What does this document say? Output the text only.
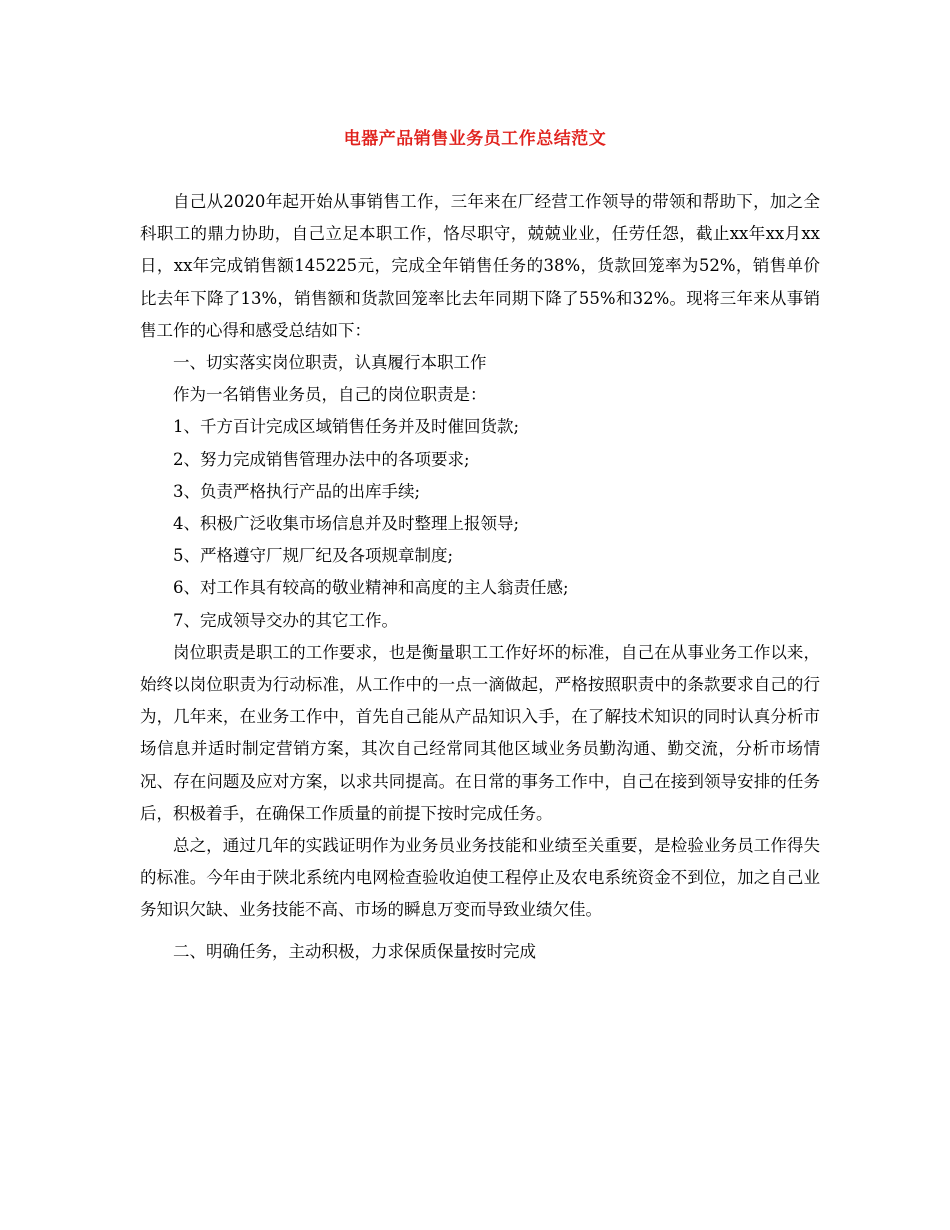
电器产品销售业务员工作总结范文

自己从2020年起开始从事销售工作，三年来在厂经营工作领导的带领和帮助下，加之全科职工的鼎力协助，自己立足本职工作，恪尽职守，兢兢业业，任劳任怨，截止xx年xx月xx日，xx年完成销售额145225元，完成全年销售任务的38%，货款回笼率为52%，销售单价比去年下降了13%，销售额和货款回笼率比去年同期下降了55%和32%。现将三年来从事销售工作的心得和感受总结如下：

一、切实落实岗位职责，认真履行本职工作

作为一名销售业务员，自己的岗位职责是：

1、千方百计完成区域销售任务并及时催回货款;

2、努力完成销售管理办法中的各项要求;

3、负责严格执行产品的出库手续;

4、积极广泛收集市场信息并及时整理上报领导;

5、严格遵守厂规厂纪及各项规章制度;

6、对工作具有较高的敬业精神和高度的主人翁责任感;

7、完成领导交办的其它工作。

岗位职责是职工的工作要求，也是衡量职工工作好坏的标准，自己在从事业务工作以来，始终以岗位职责为行动标准，从工作中的一点一滴做起，严格按照职责中的条款要求自己的行为，几年来，在业务工作中，首先自己能从产品知识入手，在了解技术知识的同时认真分析市场信息并适时制定营销方案，其次自己经常同其他区域业务员勤沟通、勤交流，分析市场情况、存在问题及应对方案，以求共同提高。在日常的事务工作中，自己在接到领导安排的任务后，积极着手，在确保工作质量的前提下按时完成任务。

总之，通过几年的实践证明作为业务员业务技能和业绩至关重要，是检验业务员工作得失的标准。今年由于陕北系统内电网检查验收迫使工程停止及农电系统资金不到位，加之自己业务知识欠缺、业务技能不高、市场的瞬息万变而导致业绩欠佳。

二、明确任务，主动积极，力求保质保量按时完成
